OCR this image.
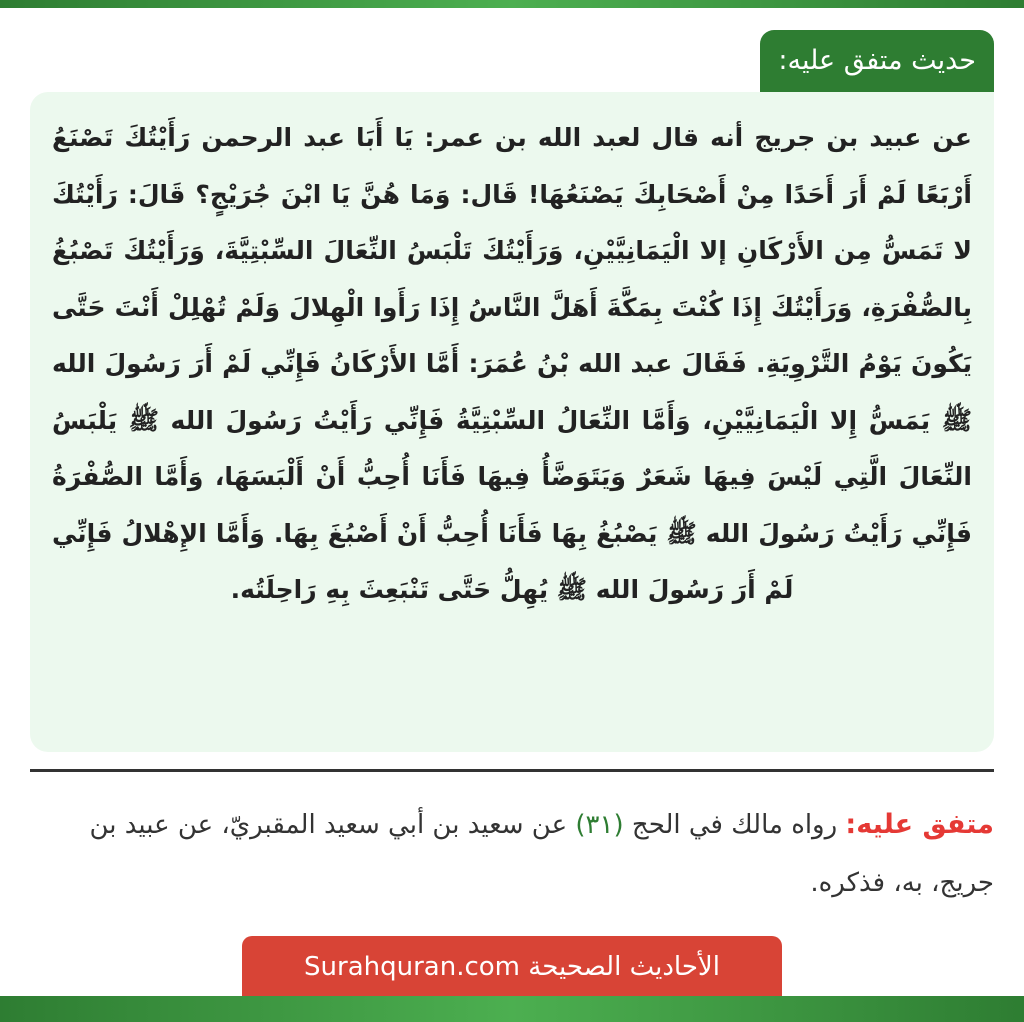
حديث متفق عليه:

عن عبيد بن جريج أنه قال لعبد الله بن عمر: يَا أَبَا عبد الرحمن رَأَيْتُكَ تَصْنَعُ أَرْبَعًا لَمْ أَرَ أَحَدًا مِنْ أَصْحَابِكَ يَصْنَعُهَا! قَال: وَمَا هُنَّ يَا ابْنَ جُرَيْجٍ؟ قَالَ: رَأَيْتُكَ لا تَمَسُّ مِن الأَرْكَانِ إلا الْيَمَانِيَّيْنِ، وَرَأَيْتُكَ تَلْبَسُ النِّعَالَ السِّبْتِيَّةَ، وَرَأَيْتُكَ تَصْبُغُ بِالصُّفْرَةِ، وَرَأَيْتُكَ إِذَا كُنْتَ بِمَكَّةَ أَهَلَّ النَّاسُ إِذَا رَأَوا الْهِلالَ وَلَمْ تُهْلِلْ أَنْتَ حَتَّى يَكُونَ يَوْمُ التَّرْوِيَةِ. فَقَالَ عبد الله بْنُ عُمَرَ: أَمَّا الأَرْكَانُ فَإِنِّي لَمْ أَرَ رَسُولَ الله ﷺ يَمَسُّ إِلا الْيَمَانِيَّيْنِ، وَأَمَّا النِّعَالُ السِّبْتِيَّةُ فَإِنِّي رَأَيْتُ رَسُولَ الله ﷺ يَلْبَسُ النِّعَالَ الَّتِي لَيْسَ فِيهَا شَعَرٌ وَيَتَوَضَّأُ فِيهَا فَأَنَا أُحِبُّ أَنْ أَلْبَسَهَا، وَأَمَّا الصُّفْرَةُ فَإِنِّي رَأَيْتُ رَسُولَ الله ﷺ يَصْبُغُ بِهَا فَأَنَا أُحِبُّ أَنْ أَصْبُغَ بِهَا. وَأَمَّا الإِهْلالُ فَإِنِّي لَمْ أَرَ رَسُولَ الله ﷺ يُهِلُّ حَتَّى تَنْبَعِثَ بِهِ رَاحِلَتُه.

متفق عليه: رواه مالك في الحج (٣١) عن سعيد بن أبي سعيد المقبريّ، عن عبيد بن جريج، به، فذكره.
الأحاديث الصحيحة Surahquran.com
